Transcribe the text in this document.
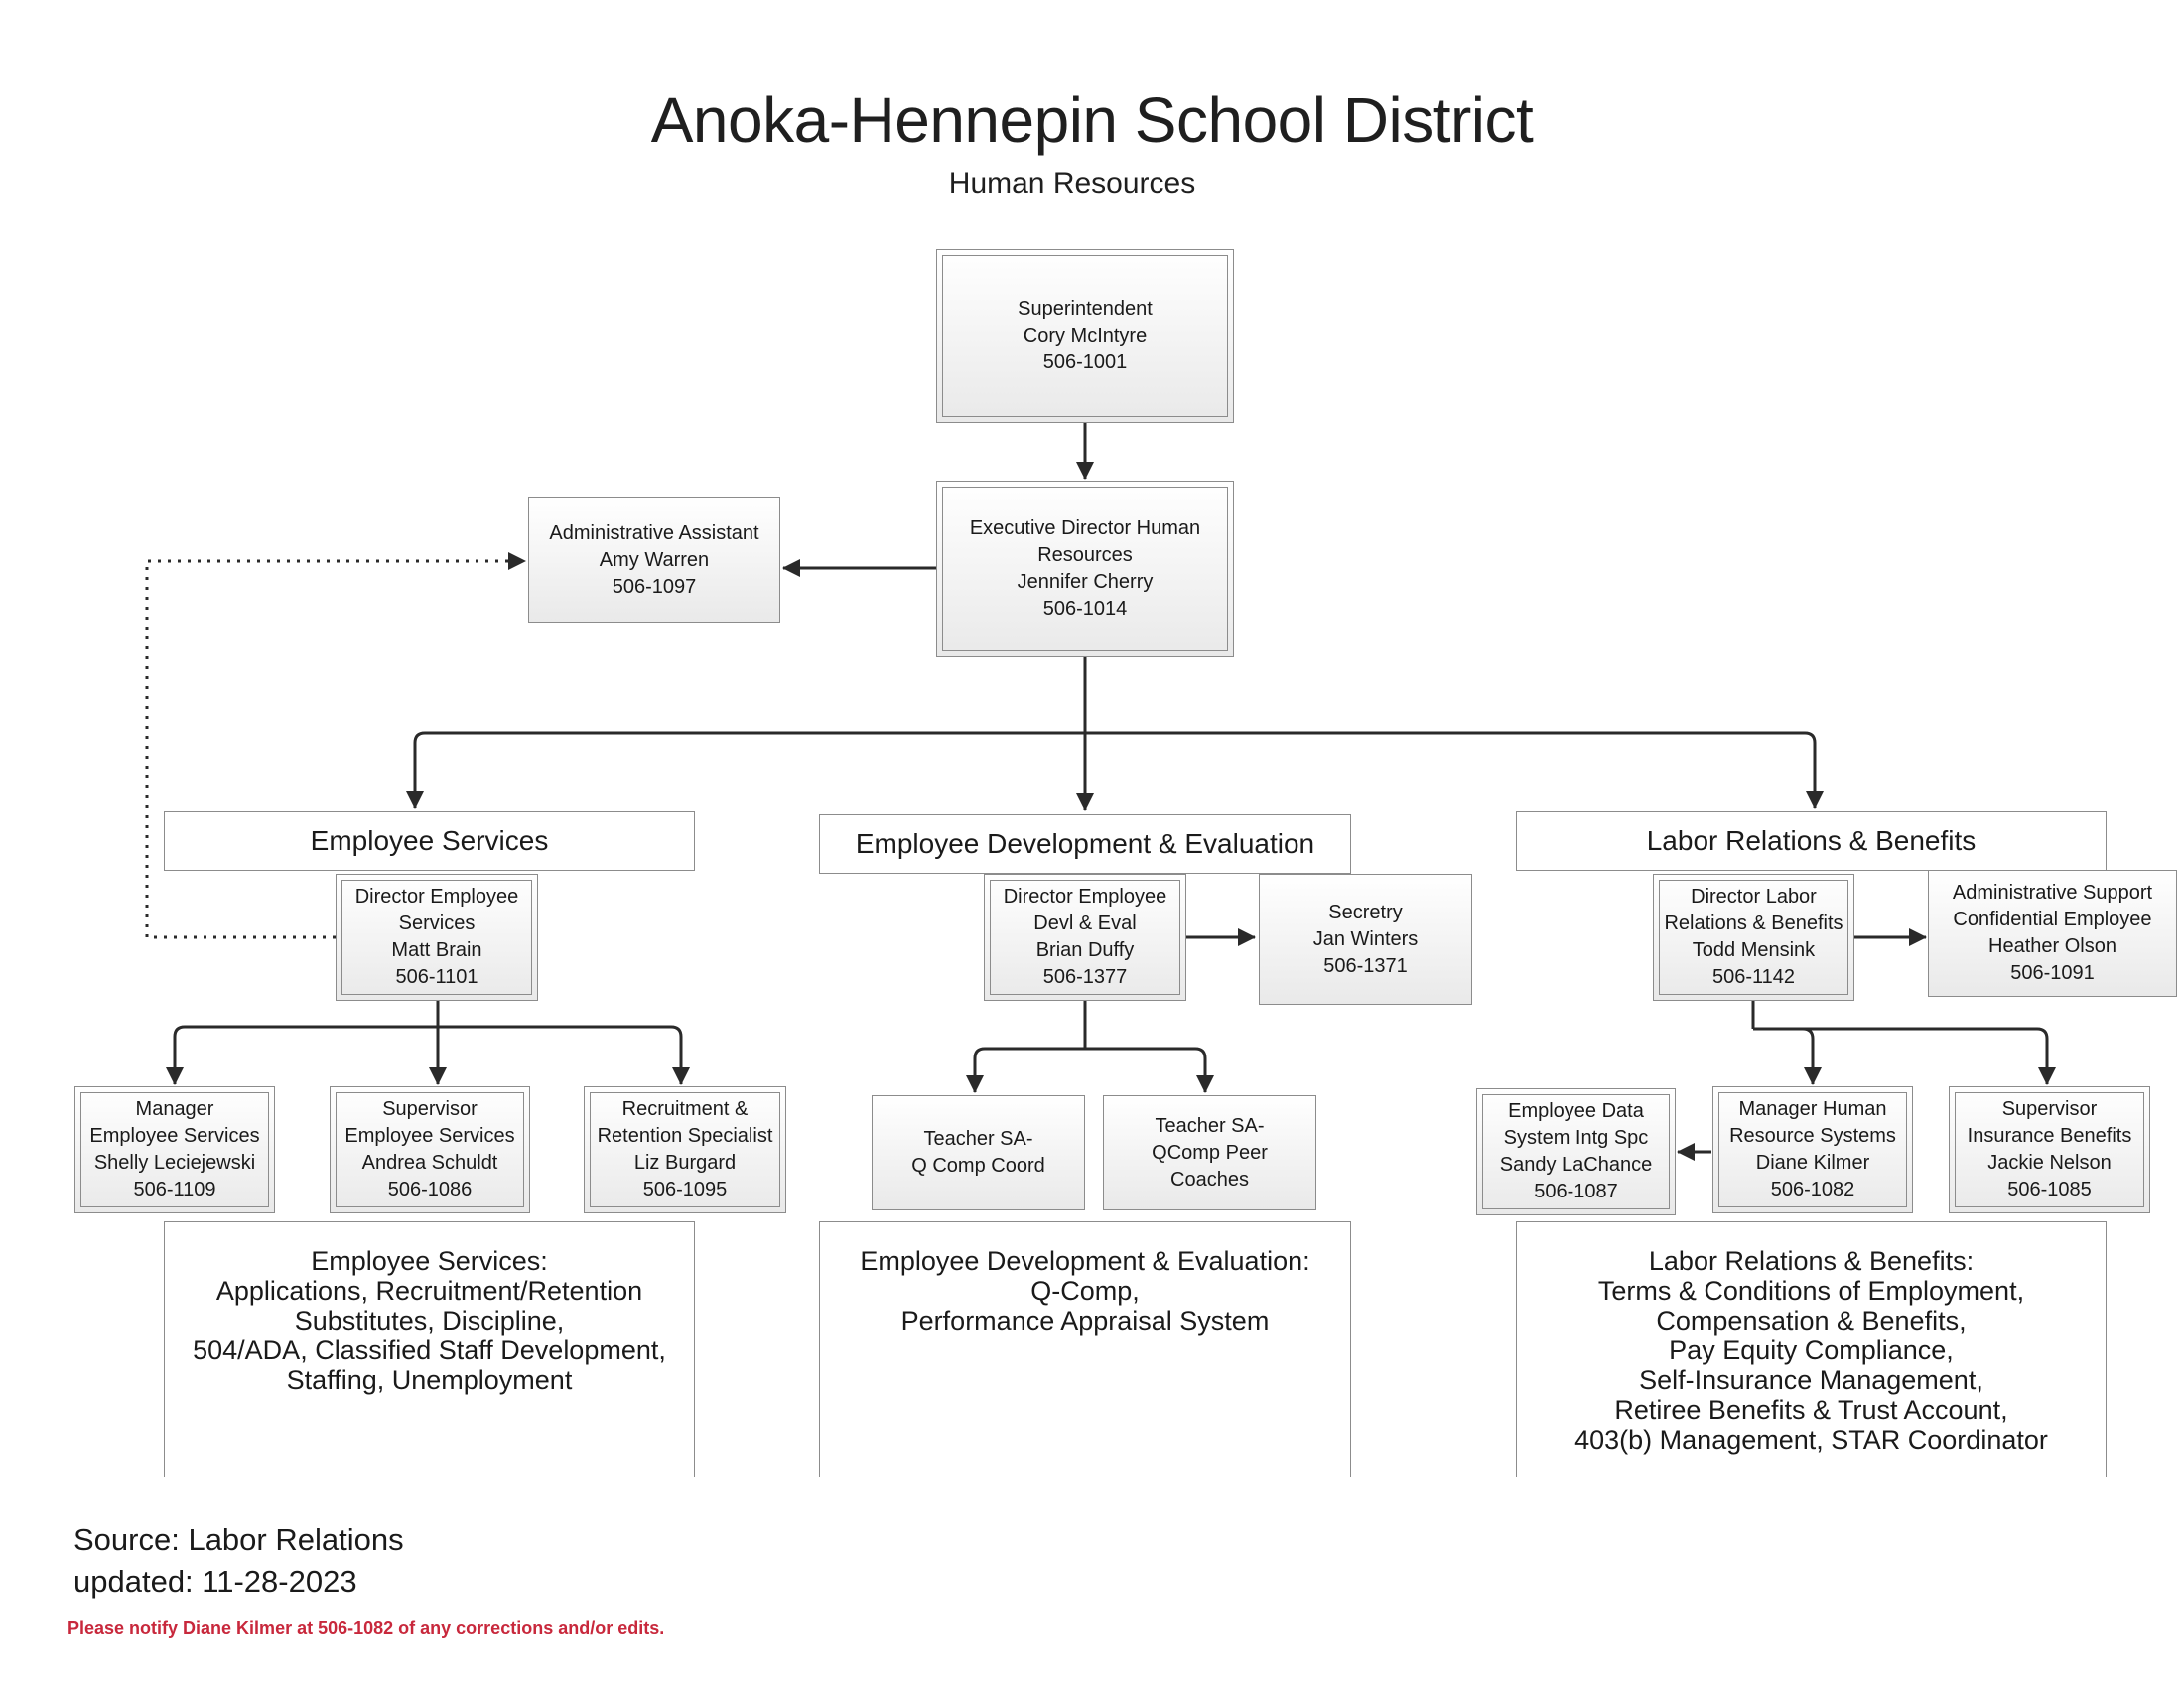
Anoka-Hennepin School District
Human Resources
Superintendent
Cory McIntyre
506-1001
Executive Director Human
Resources
Jennifer Cherry
506-1014
Administrative Assistant
Amy Warren
506-1097
Employee Services	Employee Development & Evaluation	Labor Relations & Benefits
Director Employee
Services
Matt Brain
506-1101
Manager
Employee Services
Shelly Leciejewski
506-1109
Supervisor
Employee Services
Andrea Schuldt
506-1086
Recruitment &
Retention Specialist
Liz Burgard
506-1095
Director Employee
Devl & Eval
Brian Duffy
506-1377
Secretry
Jan Winters
506-1371
Teacher SA-
Q Comp Coord
Teacher SA-
QComp Peer
Coaches
Director Labor
Relations & Benefits
Todd Mensink
506-1142
Administrative Support
Confidential Employee
Heather Olson
506-1091
Employee Data
System Intg Spc
Sandy LaChance
506-1087
Manager Human
Resource Systems
Diane Kilmer
506-1082
Supervisor
Insurance Benefits
Jackie Nelson
506-1085
Employee Services:
Applications, Recruitment/Retention
Substitutes, Discipline,
504/ADA, Classified Staff Development,
Staffing, Unemployment
Employee Development & Evaluation:
Q-Comp,
Performance Appraisal System
Labor Relations & Benefits:
Terms & Conditions of Employment,
Compensation & Benefits,
Pay Equity Compliance,
Self-Insurance Management,
Retiree Benefits & Trust Account,
403(b) Management, STAR Coordinator
Source: Labor Relations
updated: 11-28-2023
Please notify Diane Kilmer at 506-1082 of any corrections and/or edits.
